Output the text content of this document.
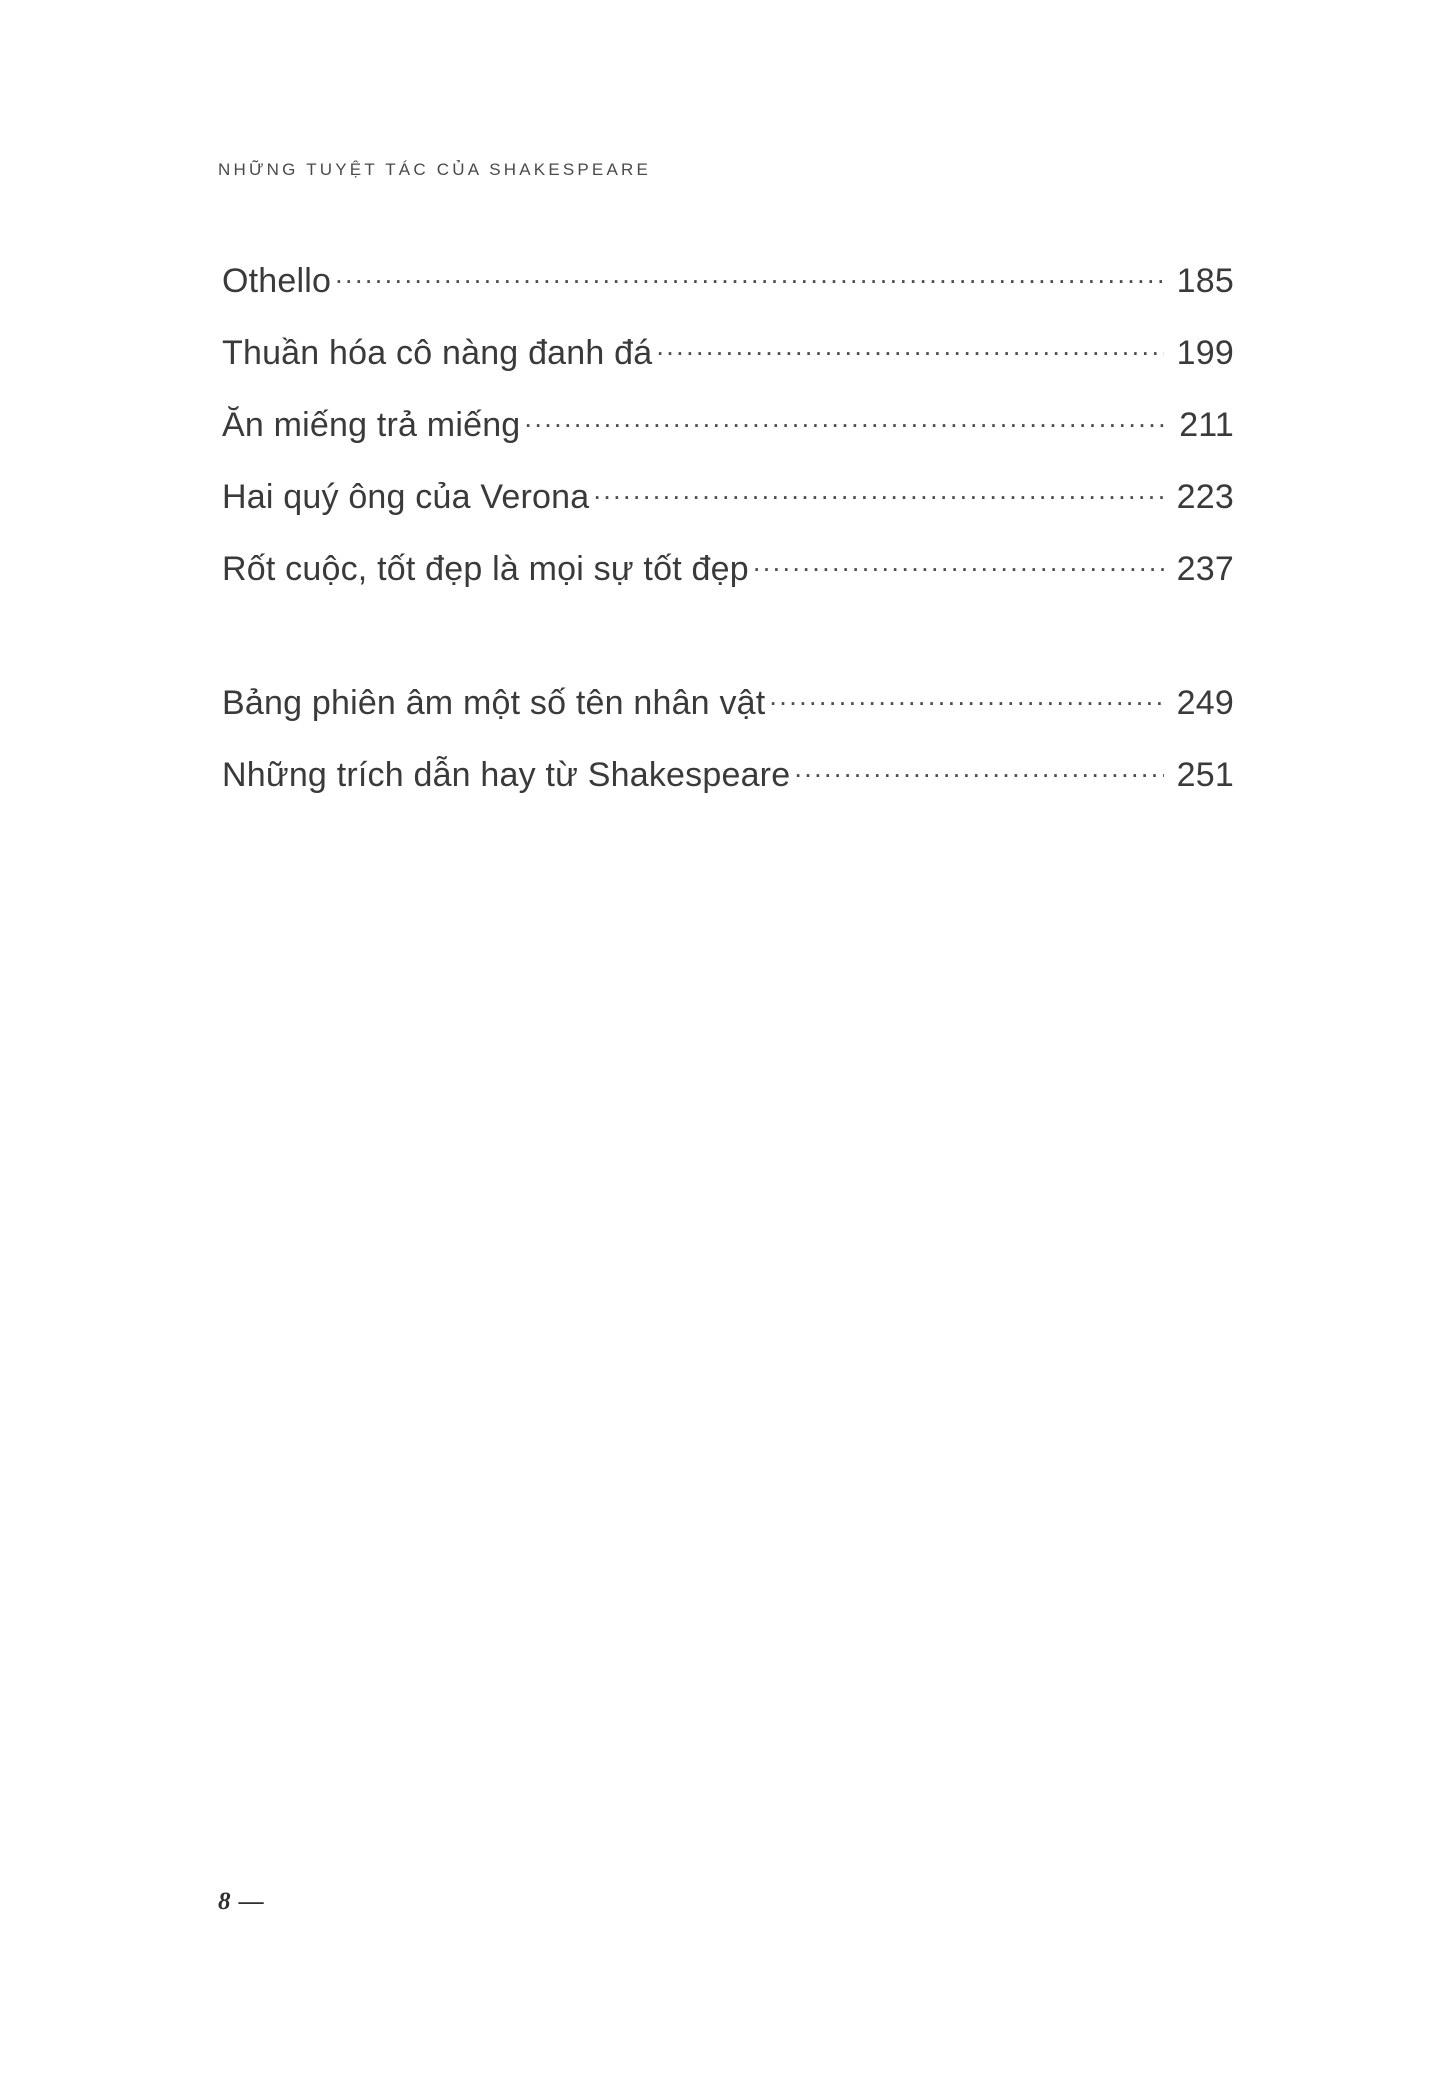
NHỮNG TUYỆT TÁC CỦA SHAKESPEARE
Othello .....	185
Thuần hóa cô nàng đanh đá .....	199
Ăn miếng trả miếng .....	211
Hai quý ông của Verona .....	223
Rốt cuộc, tốt đẹp là mọi sự tốt đẹp .....	237
Bảng phiên âm một số tên nhân vật .....	249
Những trích dẫn hay từ Shakespeare .....	251
8 —
